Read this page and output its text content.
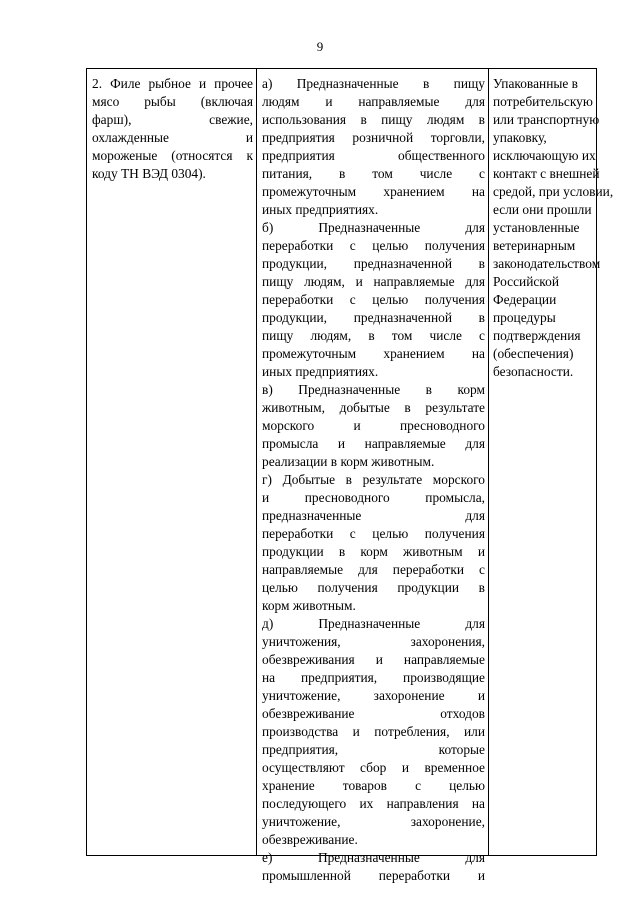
9
2. Филе рыбное и прочее
мясо рыбы (включая
фарш), свежие,
охлажденные и
мороженые (относятся к
коду ТН ВЭД 0304).
а) Предназначенные в пищу
людям и направляемые для
использования в пищу людям в
предприятия розничной торговли,
предприятия общественного
питания, в том числе с
промежуточным хранением на
иных предприятиях.
б) Предназначенные для
переработки с целью получения
продукции, предназначенной в
пищу людям, и направляемые для
переработки с целью получения
продукции, предназначенной в
пищу людям, в том числе с
промежуточным хранением на
иных предприятиях.
в) Предназначенные в корм
животным, добытые в результате
морского и пресноводного
промысла и направляемые для
реализации в корм животным.
г) Добытые в результате морского
и пресноводного промысла,
предназначенные для
переработки с целью получения
продукции в корм животным и
направляемые для переработки с
целью получения продукции в
корм животным.
д) Предназначенные для
уничтожения, захоронения,
обезвреживания и направляемые
на предприятия, производящие
уничтожение, захоронение и
обезвреживание отходов
производства и потребления, или
предприятия, которые
осуществляют сбор и временное
хранение товаров с целью
последующего их направления на
уничтожение, захоронение,
обезвреживание.
е) Предназначенные для
промышленной переработки и
Упакованные в
потребительскую
или транспортную
упаковку,
исключающую их
контакт с внешней
средой, при условии,
если они прошли
установленные
ветеринарным
законодательством
Российской
Федерации
процедуры
подтверждения
(обеспечения)
безопасности.
